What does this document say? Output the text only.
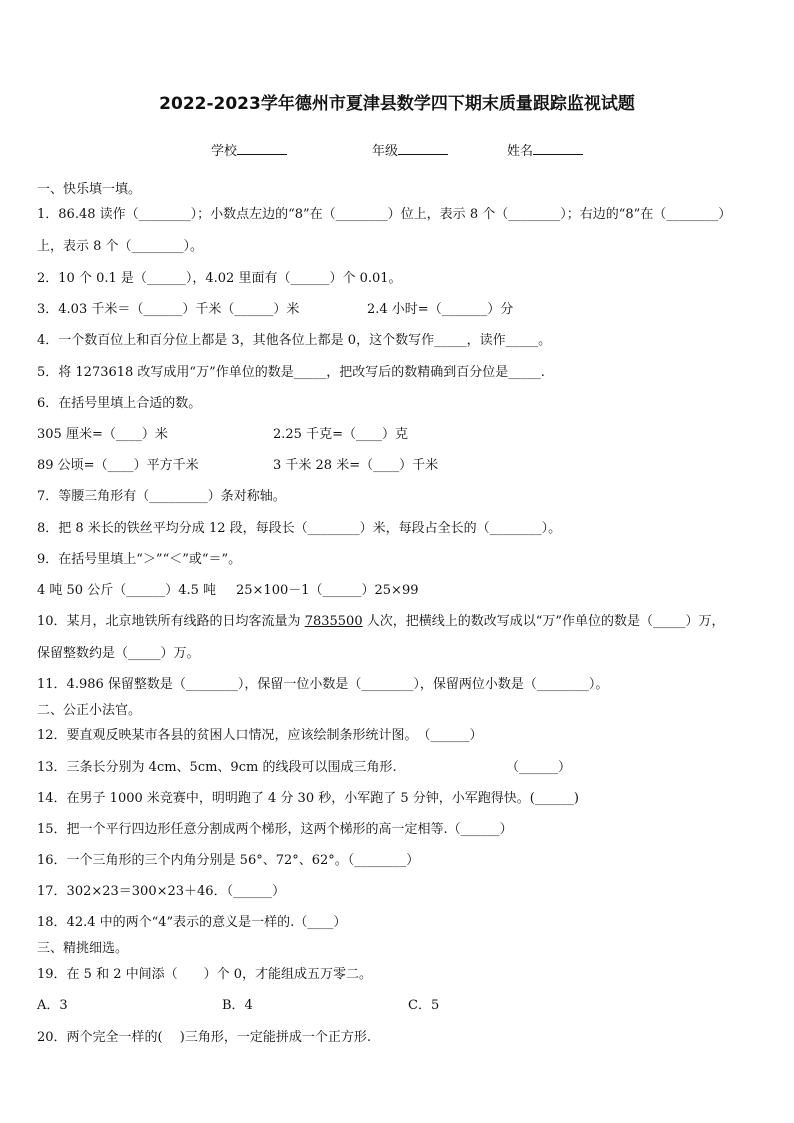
2022-2023学年德州市夏津县数学四下期末质量跟踪监视试题
学校	年级	姓名
一、快乐填一填。
1．86.48 读作（________）；小数点左边的“8”在（________）位上，表示 8 个（________）；右边的“8”在（________）
上，表示 8 个（________）。
2．10 个 0.1 是（______），4.02 里面有（______）个 0.01。
3．4.03 千米＝（______）千米（______）米	2.4 小时=（_______）分
4．一个数百位上和百分位上都是 3，其他各位上都是 0，这个数写作_____，读作_____。
5．将 1273618 改写成用“万”作单位的数是_____，把改写后的数精确到百分位是_____.
6．在括号里填上合适的数。
305 厘米=（____）米	2.25 千克=（____）克
89 公顷=（____）平方千米	3 千米 28 米=（____）千米
7．等腰三角形有（_________）条对称轴。
8．把 8 米长的铁丝平均分成 12 段，每段长（________）米，每段占全长的（________）。
9．在括号里填上“＞”“＜”或“＝”。
4 吨 50 公斤（______）4.5 吨 25×100－1（______）25×99
10．某月，北京地铁所有线路的日均客流量为 7835500 人次，把横线上的数改写成以“万”作单位的数是（_____）万，
保留整数约是（_____）万。
11．4.986 保留整数是（________），保留一位小数是（________），保留两位小数是（________）。
二、公正小法官。
12．要直观反映某市各县的贫困人口情况，应该绘制条形统计图。　（______）
13．三条长分别为 4cm、5cm、9cm 的线段可以围成三角形.	（______）
14．在男子 1000 米竞赛中，明明跑了 4 分 30 秒，小军跑了 5 分钟，小军跑得快。(______)
15．把一个平行四边形任意分割成两个梯形，这两个梯形的高一定相等.（______）
16．一个三角形的三个内角分别是 56°、72°、62°。（________）
17．302×23＝300×23＋46．（______）
18．42.4 中的两个“4”表示的意义是一样的.（____）
三、精挑细选。
19．在 5 和 2 中间添（　　）个 0，才能组成五万零二。
A．3	B．4	C．5
20．两个完全一样的(　 )三角形，一定能拼成一个正方形.
